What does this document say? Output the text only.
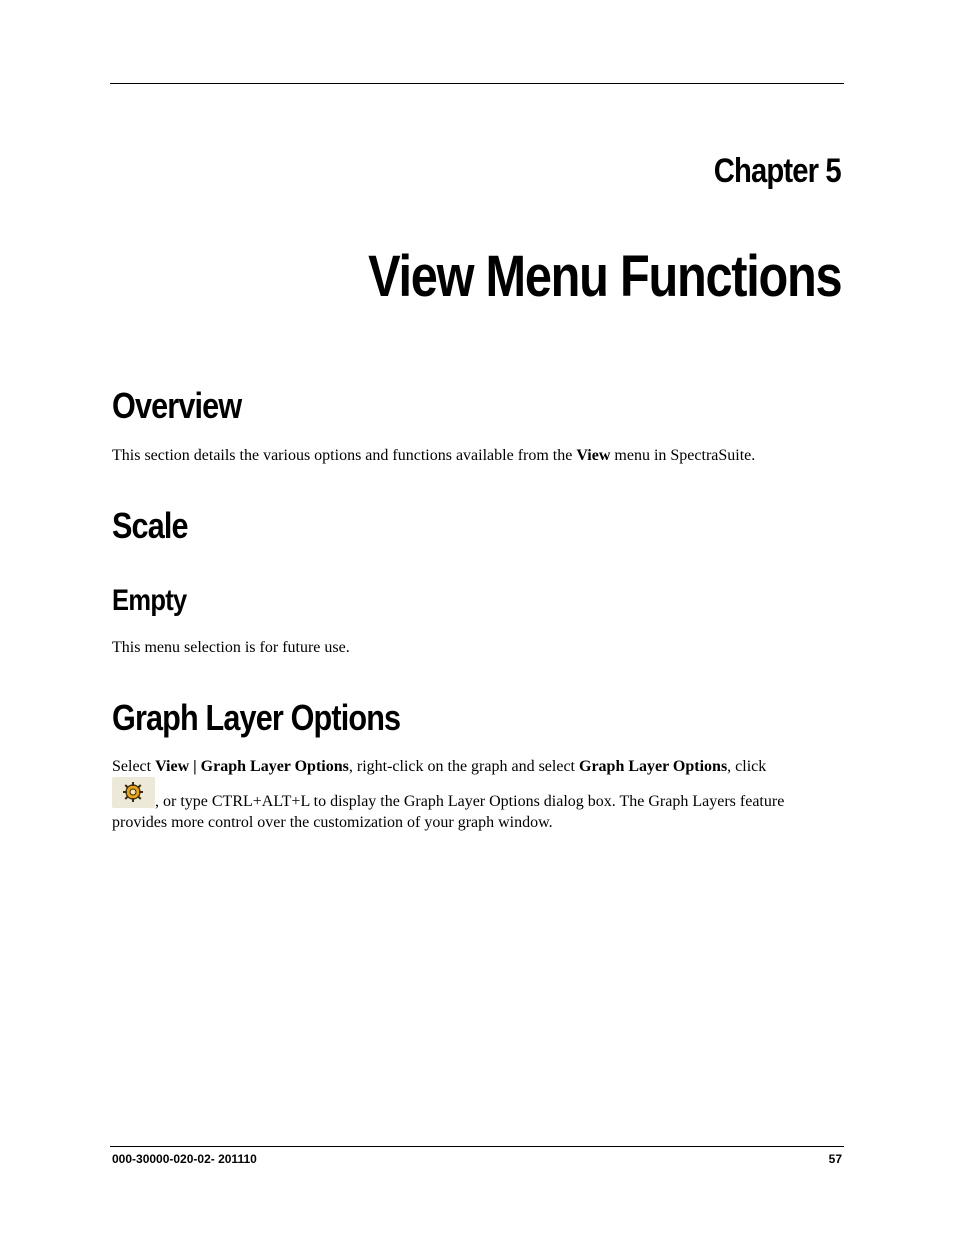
Chapter 5
View Menu Functions
Overview
This section details the various options and functions available from the View menu in SpectraSuite.
Scale
Empty
This menu selection is for future use.
Graph Layer Options
Select View | Graph Layer Options, right-click on the graph and select Graph Layer Options, click
, or type CTRL+ALT+L to display the Graph Layer Options dialog box. The Graph Layers feature
provides more control over the customization of your graph window.
000-30000-020-02- 201110	57
